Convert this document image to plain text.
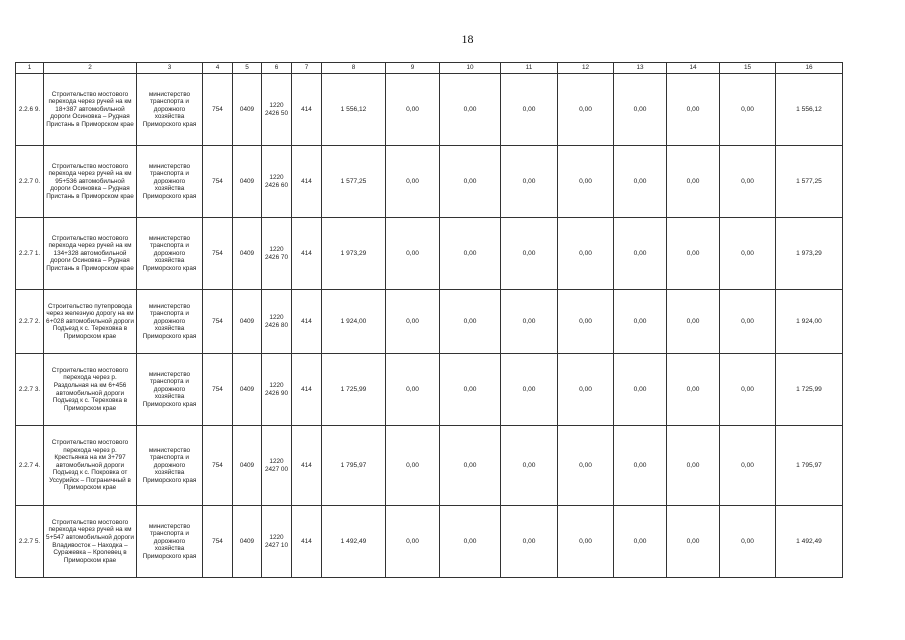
18
1	2	3	4	5	6	7	8	9	10	11	12	13	14	15	16
2.2.6 9.	Строительство мостового перехода через ручей на км 18+387 автомобильной дороги Осиновка – Рудная Пристань в Приморском крае	министерство транспорта и дорожного хозяйства Приморского края	754	0409	1220 2426 50	414	1 556,12	0,00	0,00	0,00	0,00	0,00	0,00	0,00	1 556,12
2.2.7 0.	Строительство мостового перехода через ручей на км 95+536 автомобильной дороги Осиновка – Рудная Пристань в Приморском крае	министерство транспорта и дорожного хозяйства Приморского края	754	0409	1220 2426 60	414	1 577,25	0,00	0,00	0,00	0,00	0,00	0,00	0,00	1 577,25
2.2.7 1.	Строительство мостового перехода через ручей на км 134+328 автомобильной дороги Осиновка – Рудная Пристань в Приморском крае	министерство транспорта и дорожного хозяйства Приморского края	754	0409	1220 2426 70	414	1 973,29	0,00	0,00	0,00	0,00	0,00	0,00	0,00	1 973,29
2.2.7 2.	Строительство путепровода через железную дорогу на км 6+028 автомобильной дороги Подъезд к с. Тереховка в Приморском крае	министерство транспорта и дорожного хозяйства Приморского края	754	0409	1220 2426 80	414	1 924,00	0,00	0,00	0,00	0,00	0,00	0,00	0,00	1 924,00
2.2.7 3.	Строительство мостового перехода через р. Раздольная на км 6+456 автомобильной дороги Подъезд к с. Тереховка в Приморском крае	министерство транспорта и дорожного хозяйства Приморского края	754	0409	1220 2426 90	414	1 725,99	0,00	0,00	0,00	0,00	0,00	0,00	0,00	1 725,99
2.2.7 4.	Строительство мостового перехода через р. Крестьянка на км 3+797 автомобильной дороги Подъезд к с. Покровка от Уссурийск – Пограничный в Приморском крае	министерство транспорта и дорожного хозяйства Приморского края	754	0409	1220 2427 00	414	1 795,97	0,00	0,00	0,00	0,00	0,00	0,00	0,00	1 795,97
2.2.7 5.	Строительство мостового перехода через ручей на км 5+547 автомобильной дороги Владивосток – Находка – Суражевка – Кролевец в Приморском крае	министерство транспорта и дорожного хозяйства Приморского края	754	0409	1220 2427 10	414	1 492,49	0,00	0,00	0,00	0,00	0,00	0,00	0,00	1 492,49
